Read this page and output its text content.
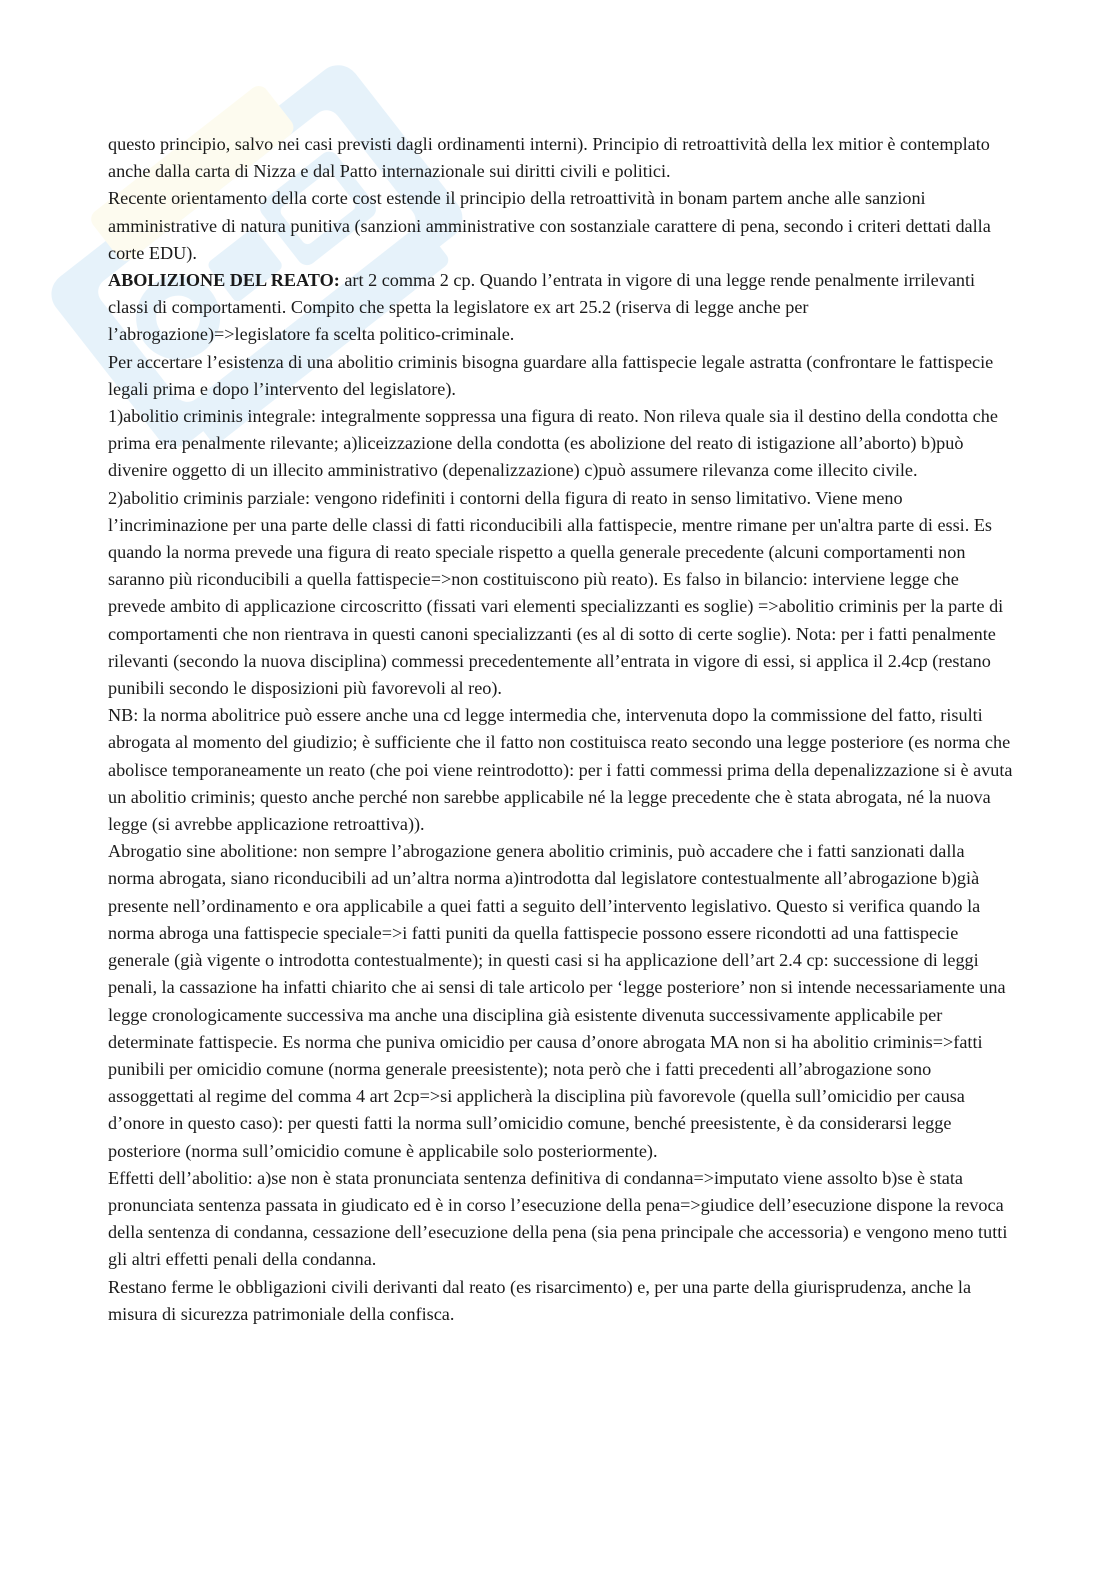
questo principio, salvo nei casi previsti dagli ordinamenti interni). Principio di retroattività della lex mitior è contemplato anche dalla carta di Nizza e dal Patto internazionale sui diritti civili e politici.

Recente orientamento della corte cost estende il principio della retroattività in bonam partem anche alle sanzioni amministrative di natura punitiva (sanzioni amministrative con sostanziale carattere di pena, secondo i criteri dettati dalla corte EDU).

ABOLIZIONE DEL REATO: art 2 comma 2 cp. Quando l’entrata in vigore di una legge rende penalmente irrilevanti classi di comportamenti. Compito che spetta la legislatore ex art 25.2 (riserva di legge anche per l’abrogazione)=>legislatore fa scelta politico-criminale.

Per accertare l’esistenza di una abolitio criminis bisogna guardare alla fattispecie legale astratta (confrontare le fattispecie legali prima e dopo l’intervento del legislatore).

1)abolitio criminis integrale: integralmente soppressa una figura di reato. Non rileva quale sia il destino della condotta che prima era penalmente rilevante; a)liceizzazione della condotta (es abolizione del reato di istigazione all’aborto) b)può divenire oggetto di un illecito amministrativo (depenalizzazione) c)può assumere rilevanza come illecito civile.

2)abolitio criminis parziale: vengono ridefiniti i contorni della figura di reato in senso limitativo. Viene meno l’incriminazione per una parte delle classi di fatti riconducibili alla fattispecie, mentre rimane per un'altra parte di essi. Es quando la norma prevede una figura di reato speciale rispetto a quella generale precedente (alcuni comportamenti non saranno più riconducibili a quella fattispecie=>non costituiscono più reato). Es falso in bilancio: interviene legge che prevede ambito di applicazione circoscritto (fissati vari elementi specializzanti es soglie) =>abolitio criminis per la parte di comportamenti che non rientrava in questi canoni specializzanti (es al di sotto di certe soglie). Nota: per i fatti penalmente rilevanti (secondo la nuova disciplina) commessi precedentemente all’entrata in vigore di essi, si applica il 2.4cp (restano punibili secondo le disposizioni più favorevoli al reo).

NB: la norma abolitrice può essere anche una cd legge intermedia che, intervenuta dopo la commissione del fatto, risulti abrogata al momento del giudizio; è sufficiente che il fatto non costituisca reato secondo una legge posteriore (es norma che abolisce temporaneamente un reato (che poi viene reintrodotto): per i fatti commessi prima della depenalizzazione si è avuta un abolitio criminis; questo anche perché non sarebbe applicabile né la legge precedente che è stata abrogata, né la nuova legge (si avrebbe applicazione retroattiva)).

Abrogatio sine abolitione: non sempre l’abrogazione genera abolitio criminis, può accadere che i fatti sanzionati dalla norma abrogata, siano riconducibili ad un’altra norma a)introdotta dal legislatore contestualmente all’abrogazione b)già presente nell’ordinamento e ora applicabile a quei fatti a seguito dell’intervento legislativo. Questo si verifica quando la norma abroga una fattispecie speciale=>i fatti puniti da quella fattispecie possono essere ricondotti ad una fattispecie generale (già vigente o introdotta contestualmente); in questi casi si ha applicazione dell’art 2.4 cp: successione di leggi penali, la cassazione ha infatti chiarito che ai sensi di tale articolo per ‘legge posteriore’ non si intende necessariamente una legge cronologicamente successiva ma anche una disciplina già esistente divenuta successivamente applicabile per determinate fattispecie. Es norma che puniva omicidio per causa d’onore abrogata MA non si ha abolitio criminis=>fatti punibili per omicidio comune (norma generale preesistente); nota però che i fatti precedenti all’abrogazione sono assoggettati al regime del comma 4 art 2cp=>si applicherà la disciplina più favorevole (quella sull’omicidio per causa d’onore in questo caso): per questi fatti la norma sull’omicidio comune, benché preesistente, è da considerarsi legge posteriore (norma sull’omicidio comune è applicabile solo posteriormente).

Effetti dell’abolitio: a)se non è stata pronunciata sentenza definitiva di condanna=>imputato viene assolto b)se è stata pronunciata sentenza passata in giudicato ed è in corso l’esecuzione della pena=>giudice dell’esecuzione dispone la revoca della sentenza di condanna, cessazione dell’esecuzione della pena (sia pena principale che accessoria) e vengono meno tutti gli altri effetti penali della condanna.

Restano ferme le obbligazioni civili derivanti dal reato (es risarcimento) e, per una parte della giurisprudenza, anche la misura di sicurezza patrimoniale della confisca.
